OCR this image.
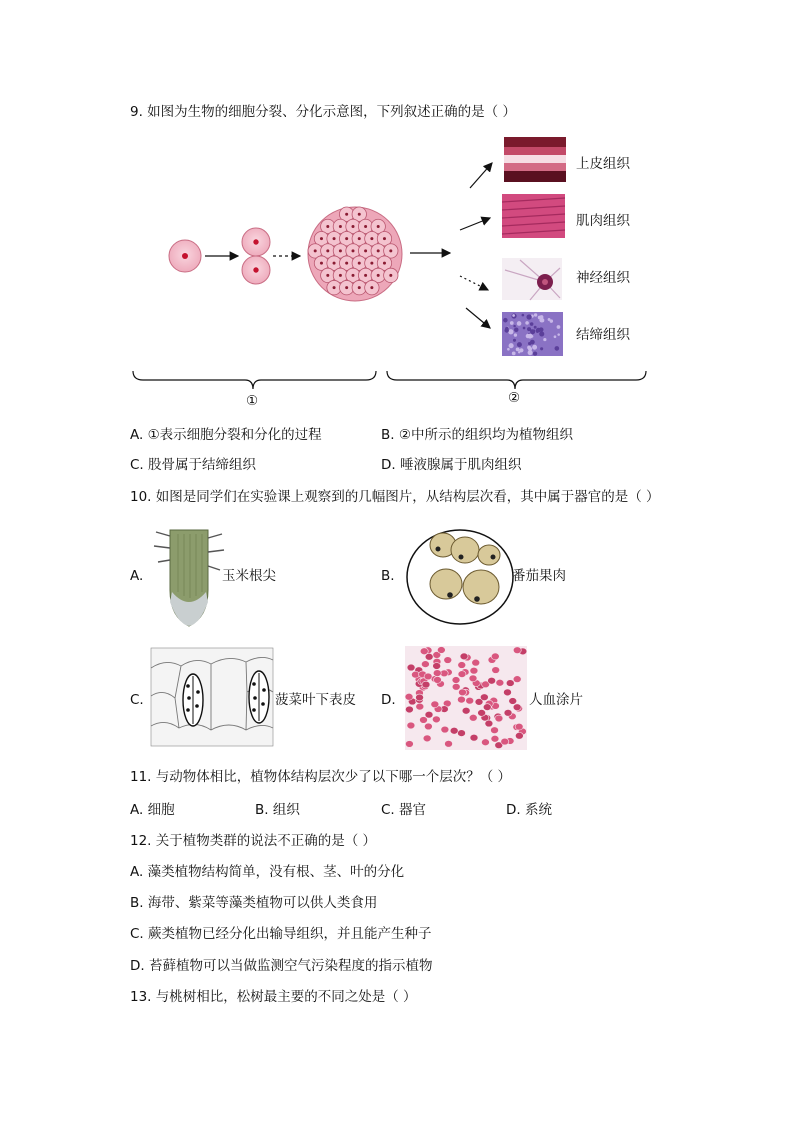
9. 如图为生物的细胞分裂、分化示意图，下列叙述正确的是（ ）
上皮组织
肌肉组织
神经组织
结缔组织
①	②
A. ①表示细胞分裂和分化的过程	B. ②中所示的组织均为植物组织
C. 股骨属于结缔组织	D. 唾液腺属于肌肉组织
10. 如图是同学们在实验课上观察到的几幅图片，从结构层次看，其中属于器官的是（ ）
A.	玉米根尖	B.	番茄果肉
C.	菠菜叶下表皮 D.	人血涂片
11. 与动物体相比，植物体结构层次少了以下哪一个层次？（ ）
A. 细胞	B. 组织	C. 器官	D. 系统
12. 关于植物类群的说法不正确的是（ ）
A. 藻类植物结构简单，没有根、茎、叶的分化
B. 海带、紫菜等藻类植物可以供人类食用
C. 蕨类植物已经分化出输导组织，并且能产生种子
D. 苔藓植物可以当做监测空气污染程度的指示植物
13. 与桃树相比，松树最主要的不同之处是（ ）
